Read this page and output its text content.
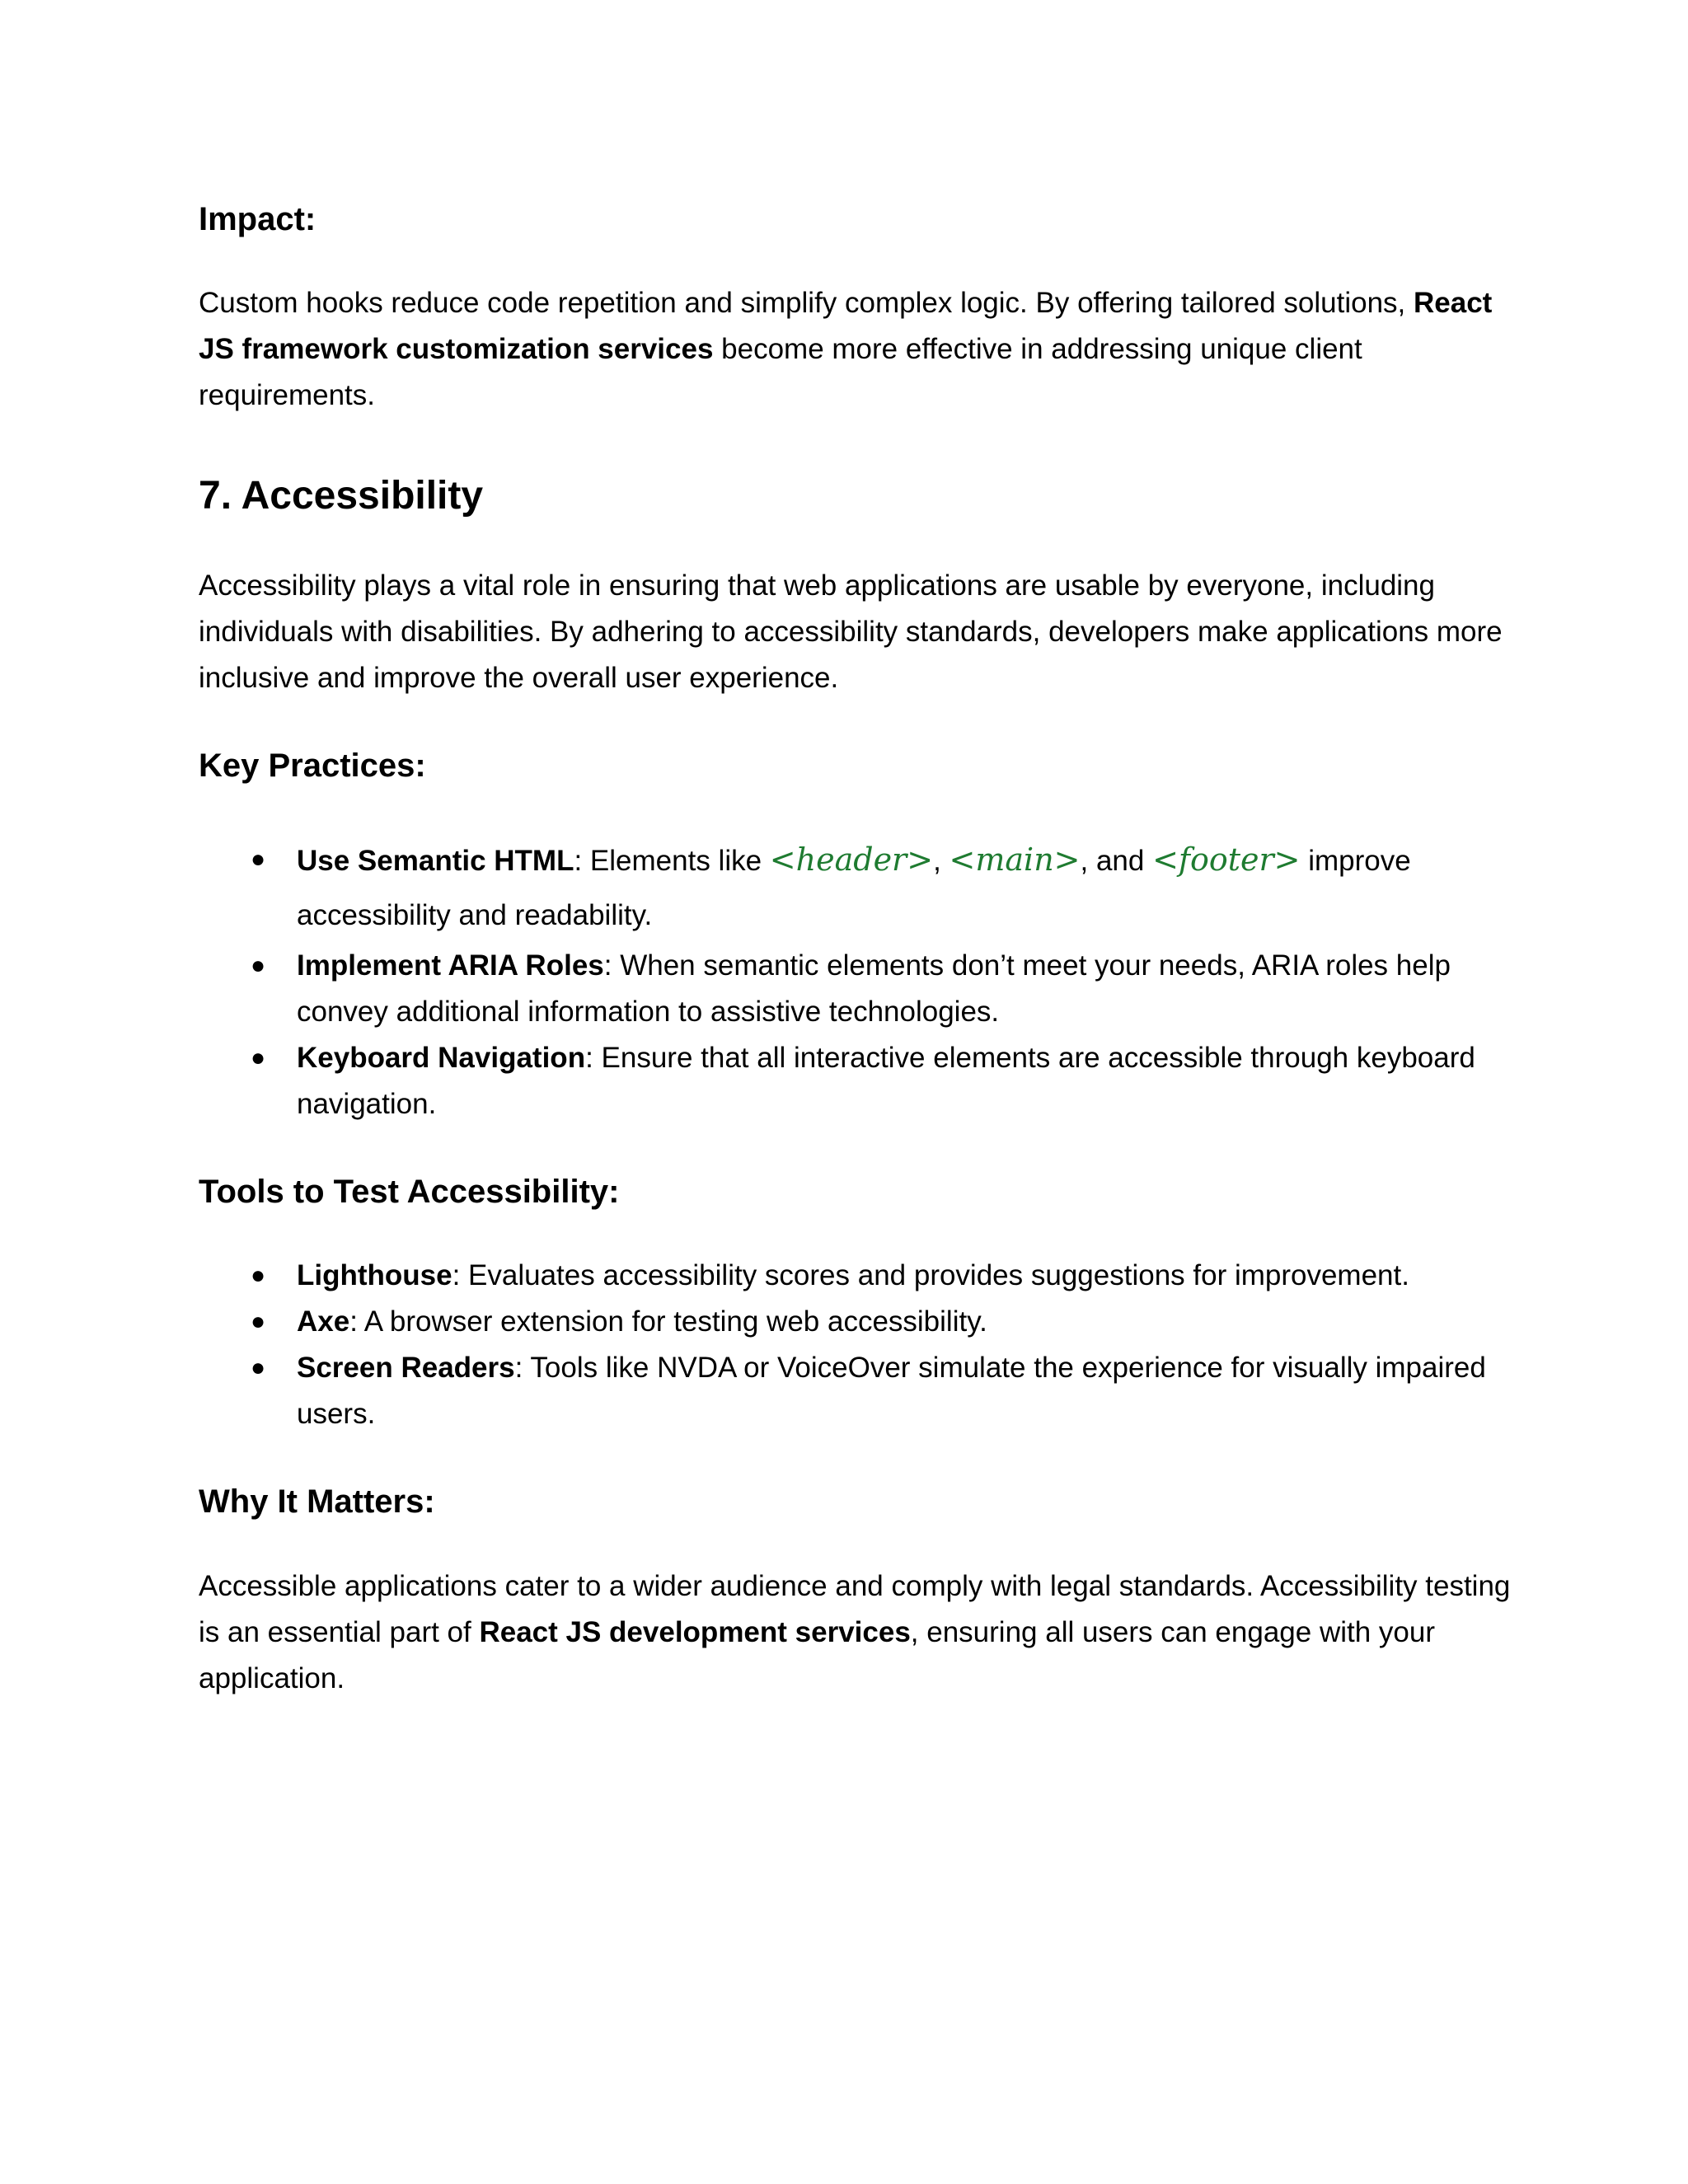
Impact:

Custom hooks reduce code repetition and simplify complex logic. By offering tailored solutions, React JS framework customization services become more effective in addressing unique client requirements.

7. Accessibility

Accessibility plays a vital role in ensuring that web applications are usable by everyone, including individuals with disabilities. By adhering to accessibility standards, developers make applications more inclusive and improve the overall user experience.

Key Practices:
● Use Semantic HTML: Elements like <header>, <main>, and <footer> improve accessibility and readability.
● Implement ARIA Roles: When semantic elements don’t meet your needs, ARIA roles help convey additional information to assistive technologies.
● Keyboard Navigation: Ensure that all interactive elements are accessible through keyboard navigation.
Tools to Test Accessibility:
● Lighthouse: Evaluates accessibility scores and provides suggestions for improvement.
● Axe: A browser extension for testing web accessibility.
● Screen Readers: Tools like NVDA or VoiceOver simulate the experience for visually impaired users.
Why It Matters:

Accessible applications cater to a wider audience and comply with legal standards. Accessibility testing is an essential part of React JS development services, ensuring all users can engage with your application.
